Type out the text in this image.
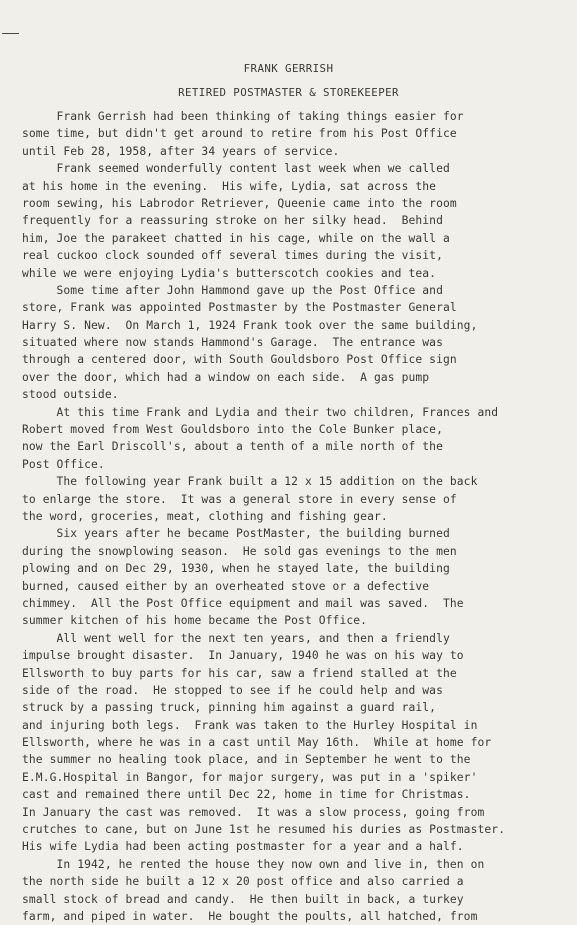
FRANK GERRISH
RETIRED POSTMASTER & STOREKEEPER
Frank Gerrish had been thinking of taking things easier for
some time, but didn't get around to retire from his Post Office
until Feb 28, 1958, after 34 years of service.
Frank seemed wonderfully content last week when we called
at his home in the evening.  His wife, Lydia, sat across the
room sewing, his Labrodor Retriever, Queenie came into the room
frequently for a reassuring stroke on her silky head.  Behind
him, Joe the parakeet chatted in his cage, while on the wall a
real cuckoo clock sounded off several times during the visit,
while we were enjoying Lydia's butterscotch cookies and tea.
Some time after John Hammond gave up the Post Office and
store, Frank was appointed Postmaster by the Postmaster General
Harry S. New.  On March 1, 1924 Frank took over the same building,
situated where now stands Hammond's Garage.  The entrance was
through a centered door, with South Gouldsboro Post Office sign
over the door, which had a window on each side.  A gas pump
stood outside.
At this time Frank and Lydia and their two children, Frances and
Robert moved from West Gouldsboro into the Cole Bunker place,
now the Earl Driscoll's, about a tenth of a mile north of the
Post Office.
The following year Frank built a 12 x 15 addition on the back
to enlarge the store.  It was a general store in every sense of
the word, groceries, meat, clothing and fishing gear.
Six years after he became PostMaster, the building burned
during the snowplowing season.  He sold gas evenings to the men
plowing and on Dec 29, 1930, when he stayed late, the building
burned, caused either by an overheated stove or a defective
chimmey.  All the Post Office equipment and mail was saved.  The
summer kitchen of his home became the Post Office.
All went well for the next ten years, and then a friendly
impulse brought disaster.  In January, 1940 he was on his way to
Ellsworth to buy parts for his car, saw a friend stalled at the
side of the road.  He stopped to see if he could help and was
struck by a passing truck, pinning him against a guard rail,
and injuring both legs.  Frank was taken to the Hurley Hospital in
Ellsworth, where he was in a cast until May 16th.  While at home for
the summer no healing took place, and in September he went to the
E.M.G.Hospital in Bangor, for major surgery, was put in a 'spiker'
cast and remained there until Dec 22, home in time for Christmas.
In January the cast was removed.  It was a slow process, going from
crutches to cane, but on June 1st he resumed his duries as Postmaster.
His wife Lydia had been acting postmaster for a year and a half.
In 1942, he rented the house they now own and live in, then on
the north side he built a 12 x 20 post office and also carried a
small stock of bread and candy.  He then built in back, a turkey
farm, and piped in water.  He bought the poults, all hatched, from
